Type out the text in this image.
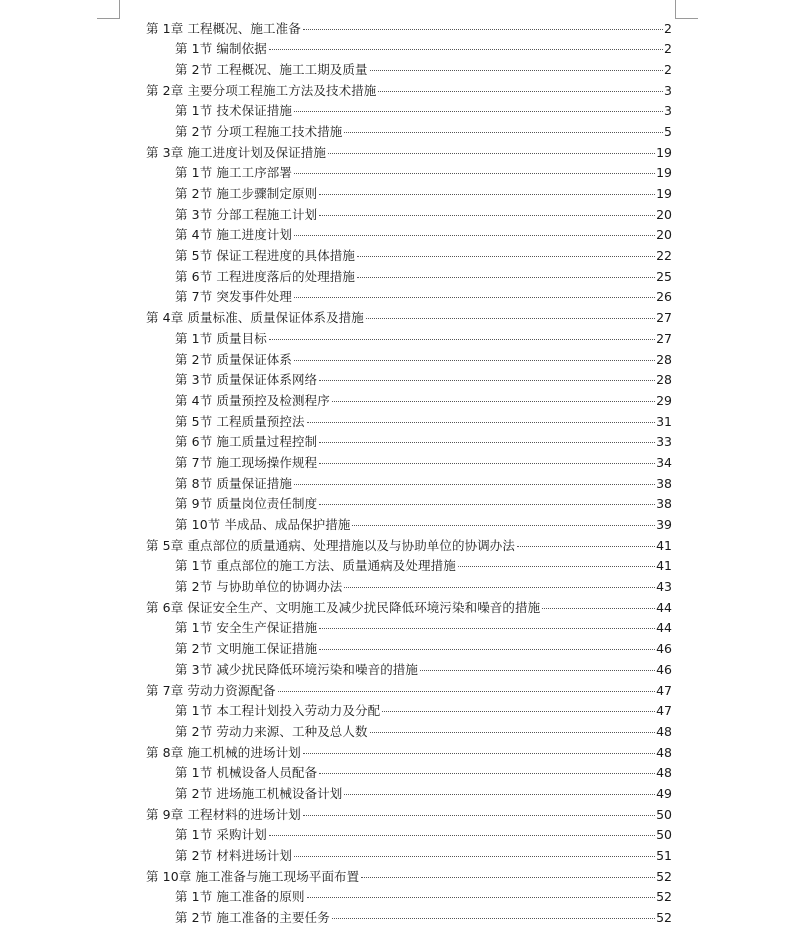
第 1章 工程概况、施工准备	2
第 1节 编制依据	2
第 2节 工程概况、施工工期及质量	2
第 2章 主要分项工程施工方法及技术措施	3
第 1节 技术保证措施	3
第 2节 分项工程施工技术措施	5
第 3章 施工进度计划及保证措施	19
第 1节 施工工序部署	19
第 2节 施工步骤制定原则	19
第 3节 分部工程施工计划	20
第 4节 施工进度计划	20
第 5节 保证工程进度的具体措施	22
第 6节 工程进度落后的处理措施	25
第 7节 突发事件处理	26
第 4章 质量标准、质量保证体系及措施	27
第 1节 质量目标	27
第 2节 质量保证体系	28
第 3节 质量保证体系网络	28
第 4节 质量预控及检测程序	29
第 5节 工程质量预控法	31
第 6节 施工质量过程控制	33
第 7节 施工现场操作规程	34
第 8节 质量保证措施	38
第 9节 质量岗位责任制度	38
第 10节 半成品、成品保护措施	39
第 5章 重点部位的质量通病、处理措施以及与协助单位的协调办法	41
第 1节 重点部位的施工方法、质量通病及处理措施	41
第 2节 与协助单位的协调办法	43
第 6章 保证安全生产、文明施工及减少扰民降低环境污染和噪音的措施	44
第 1节 安全生产保证措施	44
第 2节 文明施工保证措施	46
第 3节 减少扰民降低环境污染和噪音的措施	46
第 7章 劳动力资源配备	47
第 1节 本工程计划投入劳动力及分配	47
第 2节 劳动力来源、工种及总人数	48
第 8章 施工机械的进场计划	48
第 1节 机械设备人员配备	48
第 2节 进场施工机械设备计划	49
第 9章 工程材料的进场计划	50
第 1节 采购计划	50
第 2节 材料进场计划	51
第 10章 施工准备与施工现场平面布置	52
第 1节 施工准备的原则	52
第 2节 施工准备的主要任务	52
